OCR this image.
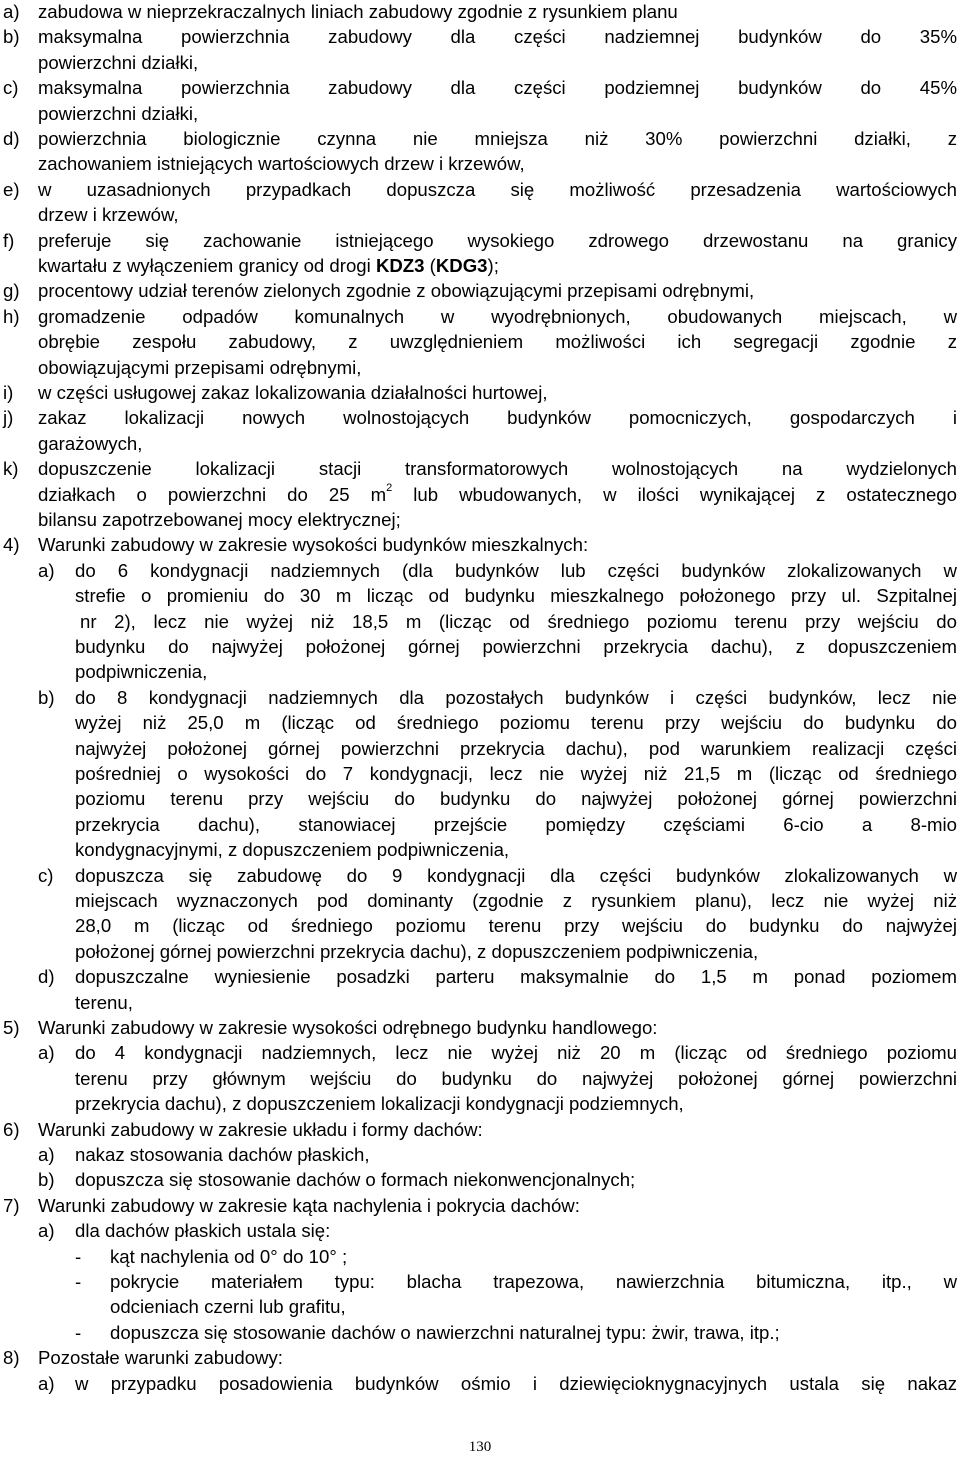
a) zabudowa w nieprzekraczalnych liniach zabudowy zgodnie z rysunkiem planu
b) maksymalna powierzchnia zabudowy dla części nadziemnej budynków do 35%
powierzchni działki,
c) maksymalna powierzchnia zabudowy dla części podziemnej budynków do 45%
powierzchni działki,
d) powierzchnia biologicznie czynna nie mniejsza niż 30% powierzchni działki, z
zachowaniem istniejących wartościowych drzew i krzewów,
e) w uzasadnionych przypadkach dopuszcza się możliwość przesadzenia wartościowych
drzew i krzewów,
f) preferuje się zachowanie istniejącego wysokiego zdrowego drzewostanu na granicy
kwartału z wyłączeniem granicy od drogi KDZ3 (KDG3);
g) procentowy udział terenów zielonych zgodnie z obowiązującymi przepisami odrębnymi,
h) gromadzenie odpadów komunalnych w wyodrębnionych, obudowanych miejscach, w
obrębie zespołu zabudowy, z uwzględnieniem możliwości ich segregacji zgodnie z
obowiązującymi przepisami odrębnymi,
i) w części usługowej zakaz lokalizowania działalności hurtowej,
j) zakaz lokalizacji nowych wolnostojących budynków pomocniczych, gospodarczych i
garażowych,
k) dopuszczenie lokalizacji stacji transformatorowych wolnostojących na wydzielonych
działkach o powierzchni do 25 $m^2$ lub wbudowanych, w ilości wynikającej z ostatecznego
bilansu zapotrzebowanej mocy elektrycznej;
4) Warunki zabudowy w zakresie wysokości budynków mieszkalnych:
a) do 6 kondygnacji nadziemnych (dla budynków lub części budynków zlokalizowanych w
strefie o promieniu do 30 m licząc od budynku mieszkalnego położonego przy ul. Szpitalnej
nr 2), lecz nie wyżej niż 18,5 m (licząc od średniego poziomu terenu przy wejściu do
budynku do najwyżej położonej górnej powierzchni przekrycia dachu), z dopuszczeniem
podpiwniczenia,
b) do 8 kondygnacji nadziemnych dla pozostałych budynków i części budynków, lecz nie
wyżej niż 25,0 m (licząc od średniego poziomu terenu przy wejściu do budynku do
najwyżej położonej górnej powierzchni przekrycia dachu), pod warunkiem realizacji części
pośredniej o wysokości do 7 kondygnacji, lecz nie wyżej niż 21,5 m (licząc od średniego
poziomu terenu przy wejściu do budynku do najwyżej położonej górnej powierzchni
przekrycia dachu), stanowiacej przejście pomiędzy częściami 6-cio a 8-mio
kondygnacyjnymi, z dopuszczeniem podpiwniczenia,
c) dopuszcza się zabudowę do 9 kondygnacji dla części budynków zlokalizowanych w
miejscach wyznaczonych pod dominanty (zgodnie z rysunkiem planu), lecz nie wyżej niż
28,0 m (licząc od średniego poziomu terenu przy wejściu do budynku do najwyżej
położonej górnej powierzchni przekrycia dachu), z dopuszczeniem podpiwniczenia,
d) dopuszczalne wyniesienie posadzki parteru maksymalnie do 1,5 m ponad poziomem
terenu,
5) Warunki zabudowy w zakresie wysokości odrębnego budynku handlowego:
a) do 4 kondygnacji nadziemnych, lecz nie wyżej niż 20 m (licząc od średniego poziomu
terenu przy głównym wejściu do budynku do najwyżej położonej górnej powierzchni
przekrycia dachu), z dopuszczeniem lokalizacji kondygnacji podziemnych,
6) Warunki zabudowy w zakresie układu i formy dachów:
a) nakaz stosowania dachów płaskich,
b) dopuszcza się stosowanie dachów o formach niekonwencjonalnych;
7) Warunki zabudowy w zakresie kąta nachylenia i pokrycia dachów:
a) dla dachów płaskich ustala się:
- kąt nachylenia od 0° do 10° ;
- pokrycie materiałem typu: blacha trapezowa, nawierzchnia bitumiczna, itp., w
odcieniach czerni lub grafitu,
- dopuszcza się stosowanie dachów o nawierzchni naturalnej typu: żwir, trawa, itp.;
8) Pozostałe warunki zabudowy:
a) w przypadku posadowienia budynków ośmio i dziewięcioknygnacyjnych ustala się nakaz
130
